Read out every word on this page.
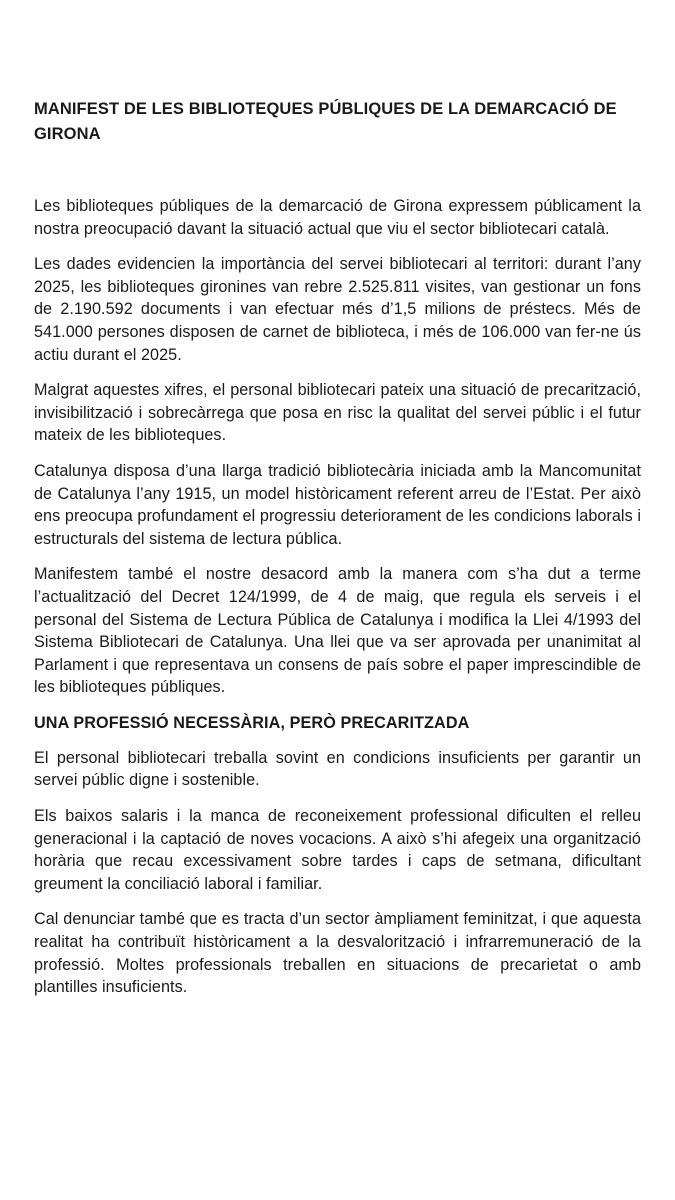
MANIFEST DE LES BIBLIOTEQUES PÚBLIQUES DE LA DEMARCACIÓ DE GIRONA
Les biblioteques públiques de la demarcació de Girona expressem públicament la nostra preocupació davant la situació actual que viu el sector bibliotecari català.
Les dades evidencien la importància del servei bibliotecari al territori: durant l’any 2025, les biblioteques gironines van rebre 2.525.811 visites, van gestionar un fons de 2.190.592 documents i van efectuar més d’1,5 milions de préstecs. Més de 541.000 persones disposen de carnet de biblioteca, i més de 106.000 van fer-ne ús actiu durant el 2025.
Malgrat aquestes xifres, el personal bibliotecari pateix una situació de precarització, invisibilització i sobrecàrrega que posa en risc la qualitat del servei públic i el futur mateix de les biblioteques.
Catalunya disposa d’una llarga tradició bibliotecària iniciada amb la Mancomunitat de Catalunya l’any 1915, un model històricament referent arreu de l’Estat. Per això ens preocupa profundament el progressiu deteriorament de les condicions laborals i estructurals del sistema de lectura pública.
Manifestem també el nostre desacord amb la manera com s’ha dut a terme l’actualització del Decret 124/1999, de 4 de maig, que regula els serveis i el personal del Sistema de Lectura Pública de Catalunya i modifica la Llei 4/1993 del Sistema Bibliotecari de Catalunya. Una llei que va ser aprovada per unanimitat al Parlament i que representava un consens de país sobre el paper imprescindible de les biblioteques públiques.
UNA PROFESSIÓ NECESSÀRIA, PERÒ PRECARITZADA
El personal bibliotecari treballa sovint en condicions insuficients per garantir un servei públic digne i sostenible.
Els baixos salaris i la manca de reconeixement professional dificulten el relleu generacional i la captació de noves vocacions. A això s’hi afegeix una organització horària que recau excessivament sobre tardes i caps de setmana, dificultant greument la conciliació laboral i familiar.
Cal denunciar també que es tracta d’un sector àmpliament feminitzat, i que aquesta realitat ha contribuït històricament a la desvalorització i infrarremuneració de la professió. Moltes professionals treballen en situacions de precarietat o amb plantilles insuficients.
